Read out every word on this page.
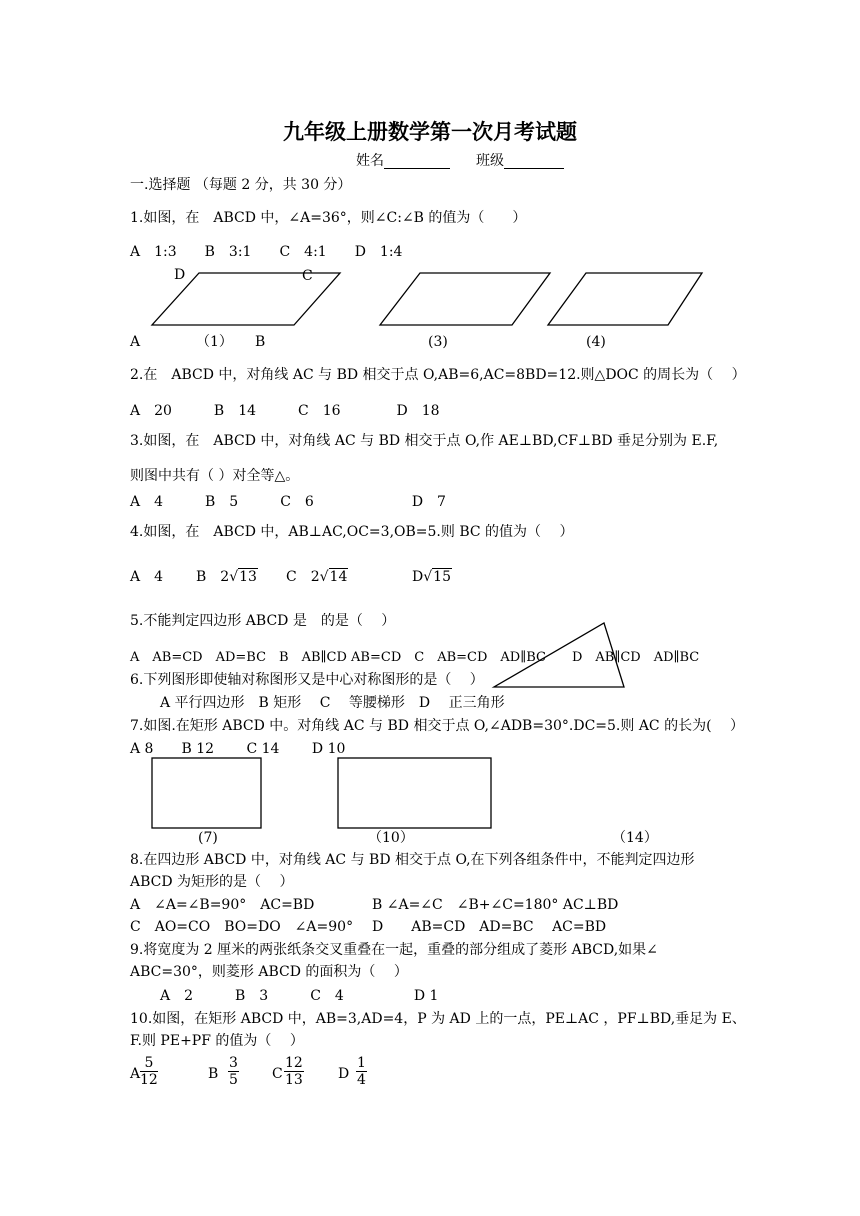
九年级上册数学第一次月考试题
姓名	班级
一.选择题 （每题 2 分，共 30 分）
1.如图，在　ABCD 中，∠A=36°，则∠C:∠B 的值为（　　）
A　1:3　　B　3:1　　C　4:1　　D　1:4
D	C
A	（1） B	(3)	(4)
2.在　ABCD 中，对角线 AC 与 BD 相交于点 O,AB=6,AC=8BD=12.则△DOC 的周长为（　 ）
A　20　　　B　14　　　C　16　　　　D　18
3.如图，在　ABCD 中，对角线 AC 与 BD 相交于点 O,作 AE⊥BD,CF⊥BD 垂足分别为 E.F,
则图中共有（ ）对全等△。
A　4　　　B　5　　　C　6　　　　　　　D　7
4.如图，在　ABCD 中，AB⊥AC,OC=3,OB=5.则 BC 的值为（　 ）
A　4 B　2√13 C　2√14	D√15
5.不能判定四边形 ABCD 是　的是（　 ）
A　AB=CD　AD=BC　B　AB∥CD AB=CD　C　AB=CD　AD∥BC　　D　AB∥CD　AD∥BC
6.下列图形即使轴对称图形又是中心对称图形的是（　 ）
A 平行四边形　B 矩形　 C　 等腰梯形　D　 正三角形
7.如图.在矩形 ABCD 中。对角线 AC 与 BD 相交于点 O,∠ADB=30°.DC=5.则 AC 的长为(　 ）
A 8　　B 12　　 C 14　　 D 10
(7)	（10）	（14）
8.在四边形 ABCD 中，对角线 AC 与 BD 相交于点 O,在下列各组条件中，不能判定四边形
ABCD 为矩形的是（　 ）
A　∠A=∠B=90°　AC=BD	B ∠A=∠C　∠B+∠C=180° AC⊥BD
C　AO=CO　BO=DO　∠A=90° D　　AB=CD　AD=BC　 AC=BD
9.将宽度为 2 厘米的两张纸条交叉重叠在一起，重叠的部分组成了菱形 ABCD,如果∠
ABC=30°，则菱形 ABCD 的面积为（　 ）
A　2　　　B　3　　　C　4　　　　　D 1
10.如图，在矩形 ABCD 中，AB=3,AD=4，P 为 AD 上的一点，PE⊥AC ，PF⊥BD,垂足为 E、
F.则 PE+PF 的值为（　 ）
A $\frac{5}{12}$	B $\frac{3}{5}$ C $\frac{12}{13}$ D $\frac{1}{4}$
